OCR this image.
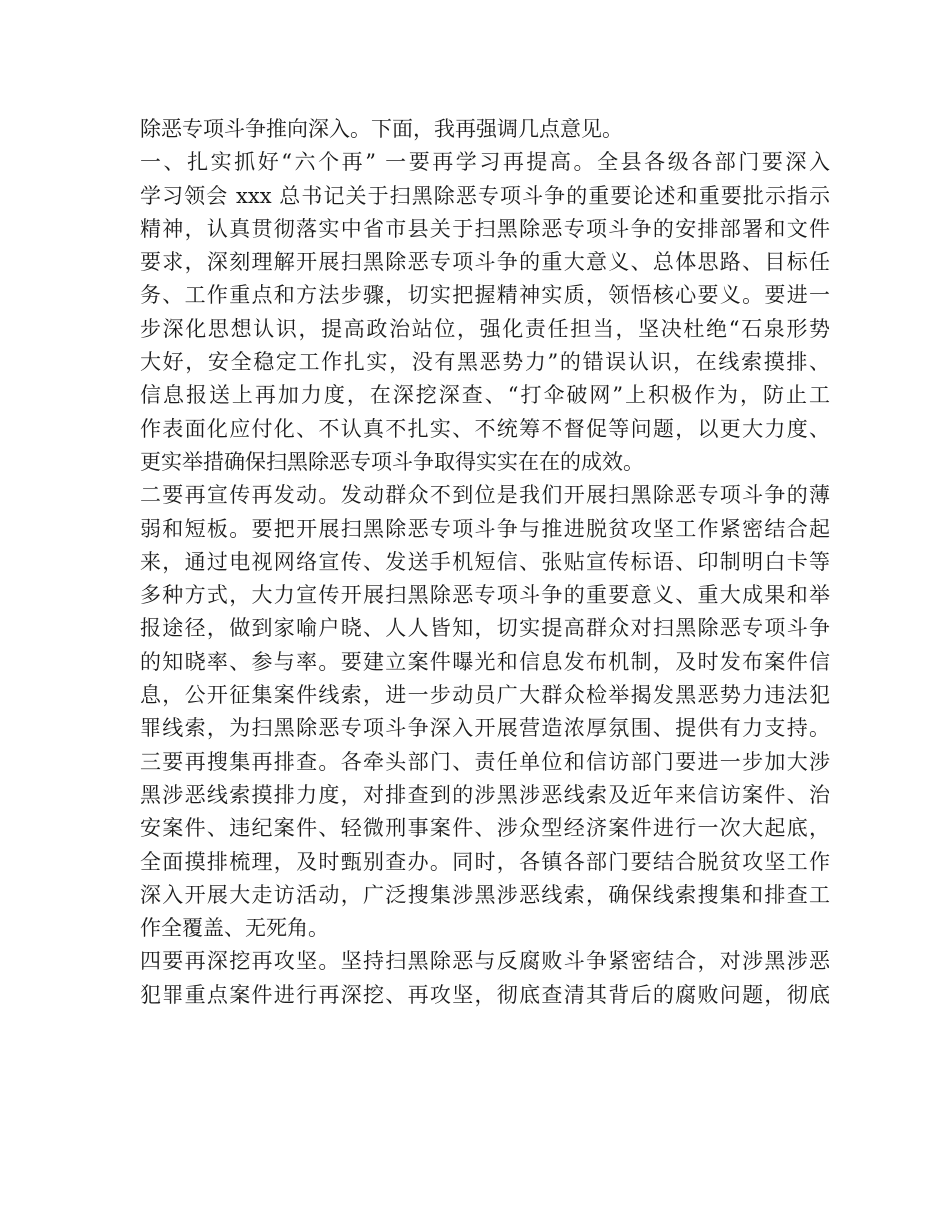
除恶专项斗争推向深入。下面，我再强调几点意见。
一、扎实抓好“六个再” 一要再学习再提高。全县各级各部门要深入
学习领会 xxx 总书记关于扫黑除恶专项斗争的重要论述和重要批示指示
精神，认真贯彻落实中省市县关于扫黑除恶专项斗争的安排部署和文件
要求，深刻理解开展扫黑除恶专项斗争的重大意义、总体思路、目标任
务、工作重点和方法步骤，切实把握精神实质，领悟核心要义。要进一
步深化思想认识，提高政治站位，强化责任担当，坚决杜绝“石泉形势
大好，安全稳定工作扎实，没有黑恶势力”的错误认识，在线索摸排、
信息报送上再加力度，在深挖深查、“打伞破网”上积极作为，防止工
作表面化应付化、不认真不扎实、不统筹不督促等问题，以更大力度、
更实举措确保扫黑除恶专项斗争取得实实在在的成效。
二要再宣传再发动。发动群众不到位是我们开展扫黑除恶专项斗争的薄
弱和短板。要把开展扫黑除恶专项斗争与推进脱贫攻坚工作紧密结合起
来，通过电视网络宣传、发送手机短信、张贴宣传标语、印制明白卡等
多种方式，大力宣传开展扫黑除恶专项斗争的重要意义、重大成果和举
报途径，做到家喻户晓、人人皆知，切实提高群众对扫黑除恶专项斗争
的知晓率、参与率。要建立案件曝光和信息发布机制，及时发布案件信
息，公开征集案件线索，进一步动员广大群众检举揭发黑恶势力违法犯
罪线索，为扫黑除恶专项斗争深入开展营造浓厚氛围、提供有力支持。
三要再搜集再排查。各牵头部门、责任单位和信访部门要进一步加大涉
黑涉恶线索摸排力度，对排查到的涉黑涉恶线索及近年来信访案件、治
安案件、违纪案件、轻微刑事案件、涉众型经济案件进行一次大起底，
全面摸排梳理，及时甄别查办。同时，各镇各部门要结合脱贫攻坚工作
深入开展大走访活动，广泛搜集涉黑涉恶线索，确保线索搜集和排查工
作全覆盖、无死角。
四要再深挖再攻坚。坚持扫黑除恶与反腐败斗争紧密结合，对涉黑涉恶
犯罪重点案件进行再深挖、再攻坚，彻底查清其背后的腐败问题，彻底
